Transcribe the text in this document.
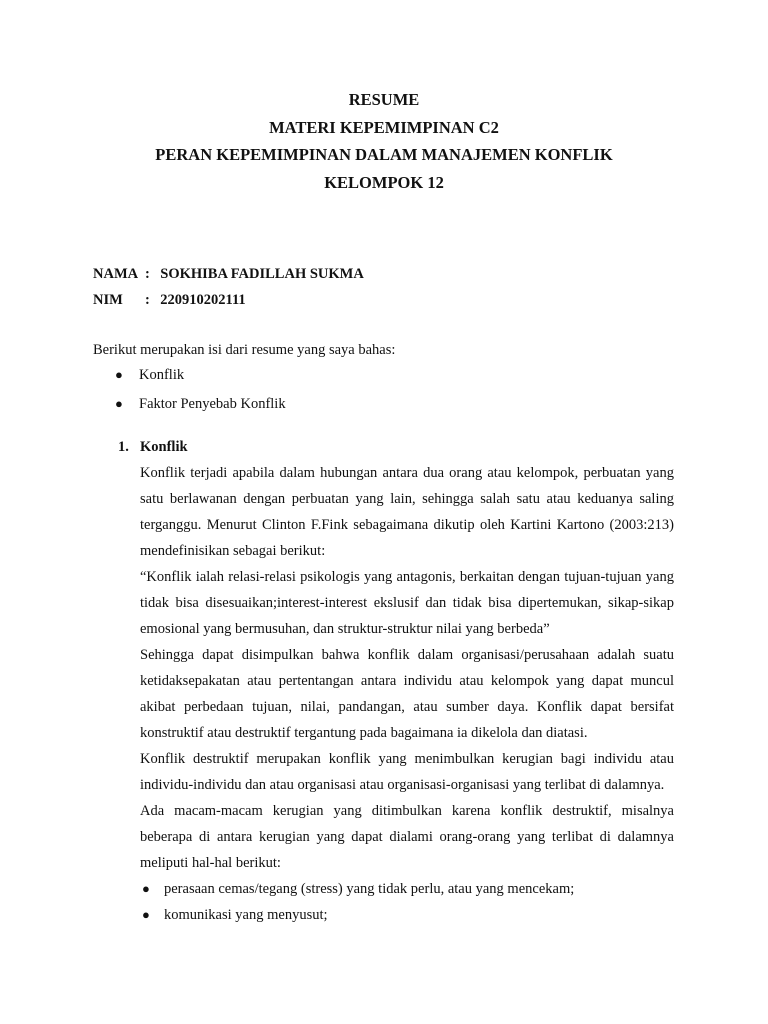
RESUME
MATERI KEPEMIMPINAN C2
PERAN KEPEMIMPINAN DALAM MANAJEMEN KONFLIK
KELOMPOK 12
NAMA : SOKHIBA FADILLAH SUKMA
NIM : 220910202111
Berikut merupakan isi dari resume yang saya bahas:
● Konflik
● Faktor Penyebab Konflik
1. Konflik

Konflik terjadi apabila dalam hubungan antara dua orang atau kelompok, perbuatan yang satu berlawanan dengan perbuatan yang lain, sehingga salah satu atau keduanya saling terganggu. Menurut Clinton F.Fink sebagaimana dikutip oleh Kartini Kartono (2003:213) mendefinisikan sebagai berikut:

“Konflik ialah relasi-relasi psikologis yang antagonis, berkaitan dengan tujuan-tujuan yang tidak bisa disesuaikan;interest-interest ekslusif dan tidak bisa dipertemukan, sikap-sikap emosional yang bermusuhan, dan struktur-struktur nilai yang berbeda”

Sehingga dapat disimpulkan bahwa konflik dalam organisasi/perusahaan adalah suatu ketidaksepakatan atau pertentangan antara individu atau kelompok yang dapat muncul akibat perbedaan tujuan, nilai, pandangan, atau sumber daya. Konflik dapat bersifat konstruktif atau destruktif tergantung pada bagaimana ia dikelola dan diatasi.

Konflik destruktif merupakan konflik yang menimbulkan kerugian bagi individu atau individu-individu dan atau organisasi atau organisasi-organisasi yang terlibat di dalamnya.

Ada macam-macam kerugian yang ditimbulkan karena konflik destruktif, misalnya beberapa di antara kerugian yang dapat dialami orang-orang yang terlibat di dalamnya meliputi hal-hal berikut:

● perasaan cemas/tegang (stress) yang tidak perlu, atau yang mencekam;
● komunikasi yang menyusut;
